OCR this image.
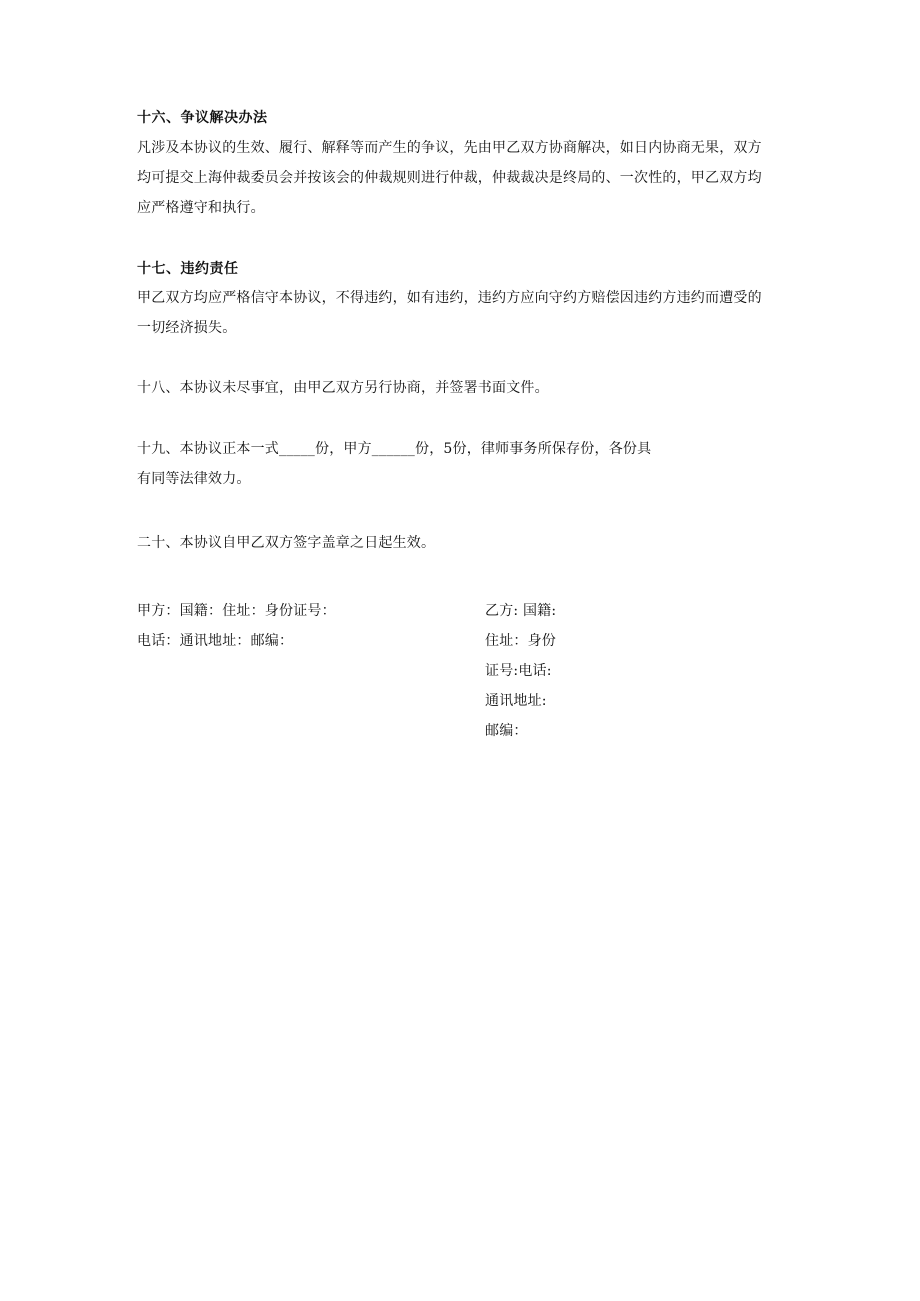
十六、争议解决办法
凡涉及本协议的生效、履行、解释等而产生的争议，先由甲乙双方协商解决，如日内协商无果，双方
均可提交上海仲裁委员会并按该会的仲裁规则进行仲裁，仲裁裁决是终局的、一次性的，甲乙双方均
应严格遵守和执行。
十七、违约责任
甲乙双方均应严格信守本协议，不得违约，如有违约，违约方应向守约方赔偿因违约方违约而遭受的
一切经济损失。
十八、本协议未尽事宜，由甲乙双方另行协商，并签署书面文件。
十九、本协议正本一式_____份，甲方______份，5份，律师事务所保存份，各份具
有同等法律效力。
二十、本协议自甲乙双方签字盖章之日起生效。
甲方：国籍：住址：身份证号：
电话：通讯地址：邮编：
乙方: 国籍:
住址：身份
证号:电话:
通讯地址:
邮编：
